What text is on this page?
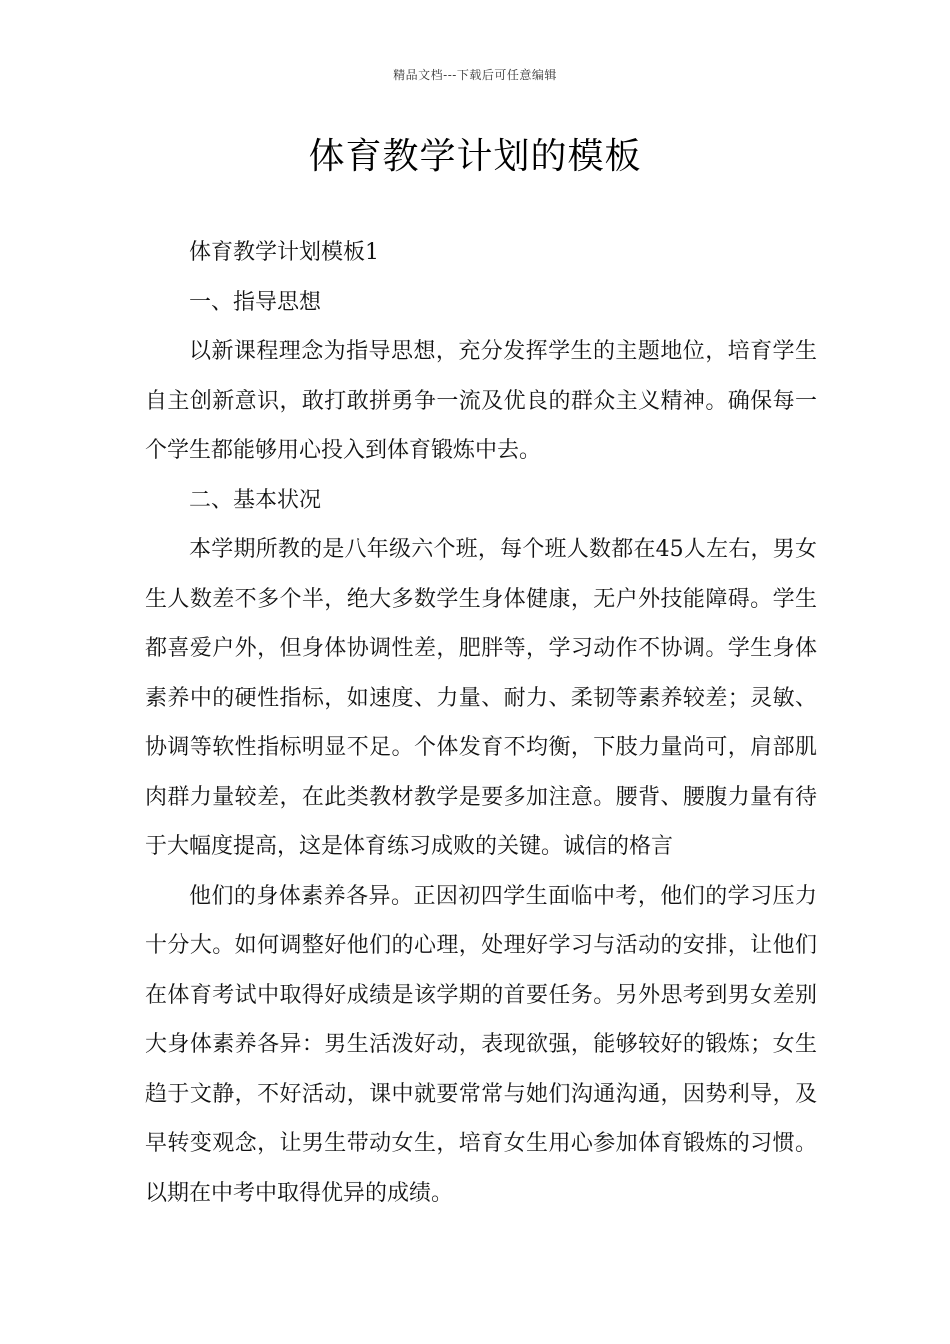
精品文档---下载后可任意编辑
体育教学计划的模板

体育教学计划模板1

一、指导思想

以新课程理念为指导思想，充分发挥学生的主题地位，培育学生自主创新意识，敢打敢拼勇争一流及优良的群众主义精神。确保每一个学生都能够用心投入到体育锻炼中去。

二、基本状况

本学期所教的是八年级六个班，每个班人数都在45人左右，男女生人数差不多个半，绝大多数学生身体健康，无户外技能障碍。学生都喜爱户外，但身体协调性差，肥胖等，学习动作不协调。学生身体素养中的硬性指标，如速度、力量、耐力、柔韧等素养较差；灵敏、协调等软性指标明显不足。个体发育不均衡，下肢力量尚可，肩部肌肉群力量较差，在此类教材教学是要多加注意。腰背、腰腹力量有待于大幅度提高，这是体育练习成败的关键。诚信的格言

他们的身体素养各异。正因初四学生面临中考，他们的学习压力十分大。如何调整好他们的心理，处理好学习与活动的安排，让他们在体育考试中取得好成绩是该学期的首要任务。另外思考到男女差别大身体素养各异：男生活泼好动，表现欲强，能够较好的锻炼；女生趋于文静，不好活动，课中就要常常与她们沟通沟通，因势利导，及早转变观念，让男生带动女生，培育女生用心参加体育锻炼的习惯。以期在中考中取得优异的成绩。
